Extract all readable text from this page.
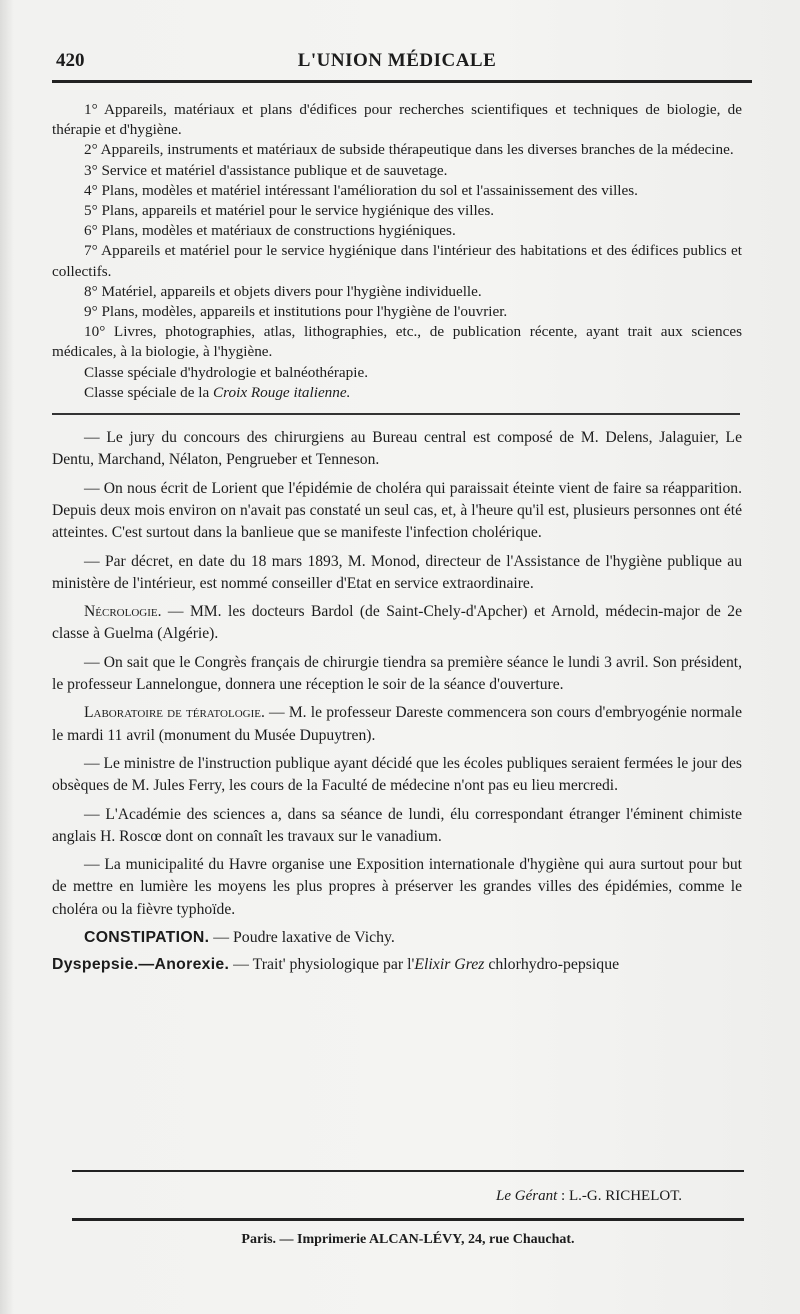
420	L'UNION MÉDICALE

1° Appareils, matériaux et plans d'édifices pour recherches scientifiques et techniques de biologie, de thérapie et d'hygiène.

2° Appareils, instruments et matériaux de subside thérapeutique dans les diverses branches de la médecine.

3° Service et matériel d'assistance publique et de sauvetage.

4° Plans, modèles et matériel intéressant l'amélioration du sol et l'assainissement des villes.

5° Plans, appareils et matériel pour le service hygiénique des villes.

6° Plans, modèles et matériaux de constructions hygiéniques.

7° Appareils et matériel pour le service hygiénique dans l'intérieur des habitations et des édifices publics et collectifs.

8° Matériel, appareils et objets divers pour l'hygiène individuelle.

9° Plans, modèles, appareils et institutions pour l'hygiène de l'ouvrier.

10° Livres, photographies, atlas, lithographies, etc., de publication récente, ayant trait aux sciences médicales, à la biologie, à l'hygiène.

Classe spéciale d'hydrologie et balnéothérapie.

Classe spéciale de la Croix Rouge italienne.

— Le jury du concours des chirurgiens au Bureau central est composé de M. Delens, Jalaguier, Le Dentu, Marchand, Nélaton, Pengrueber et Tenneson.

— On nous écrit de Lorient que l'épidémie de choléra qui paraissait éteinte vient de faire sa réapparition. Depuis deux mois environ on n'avait pas constaté un seul cas, et, à l'heure qu'il est, plusieurs personnes ont été atteintes. C'est surtout dans la banlieue que se manifeste l'infection cholérique.

— Par décret, en date du 18 mars 1893, M. Monod, directeur de l'Assistance de l'hygiène publique au ministère de l'intérieur, est nommé conseiller d'Etat en service extraordinaire.

Nécrologie. — MM. les docteurs Bardol (de Saint-Chely-d'Apcher) et Arnold, médecin-major de 2e classe à Guelma (Algérie).

— On sait que le Congrès français de chirurgie tiendra sa première séance le lundi 3 avril. Son président, le professeur Lannelongue, donnera une réception le soir de la séance d'ouverture.

Laboratoire de tératologie. — M. le professeur Dareste commencera son cours d'embryogénie normale le mardi 11 avril (monument du Musée Dupuytren).

— Le ministre de l'instruction publique ayant décidé que les écoles publiques seraient fermées le jour des obsèques de M. Jules Ferry, les cours de la Faculté de médecine n'ont pas eu lieu mercredi.

— L'Académie des sciences a, dans sa séance de lundi, élu correspondant étranger l'éminent chimiste anglais H. Roscœ dont on connaît les travaux sur le vanadium.

— La municipalité du Havre organise une Exposition internationale d'hygiène qui aura surtout pour but de mettre en lumière les moyens les plus propres à préserver les grandes villes des épidémies, comme le choléra ou la fièvre typhoïde.

CONSTIPATION. — Poudre laxative de Vichy.

Dyspepsie.—Anorexie. — Trait' physiologique par l'Elixir Grez chlorhydro-pepsique

Le Gérant : L.-G. RICHELOT.
Paris. — Imprimerie ALCAN-LÉVY, 24, rue Chauchat.
